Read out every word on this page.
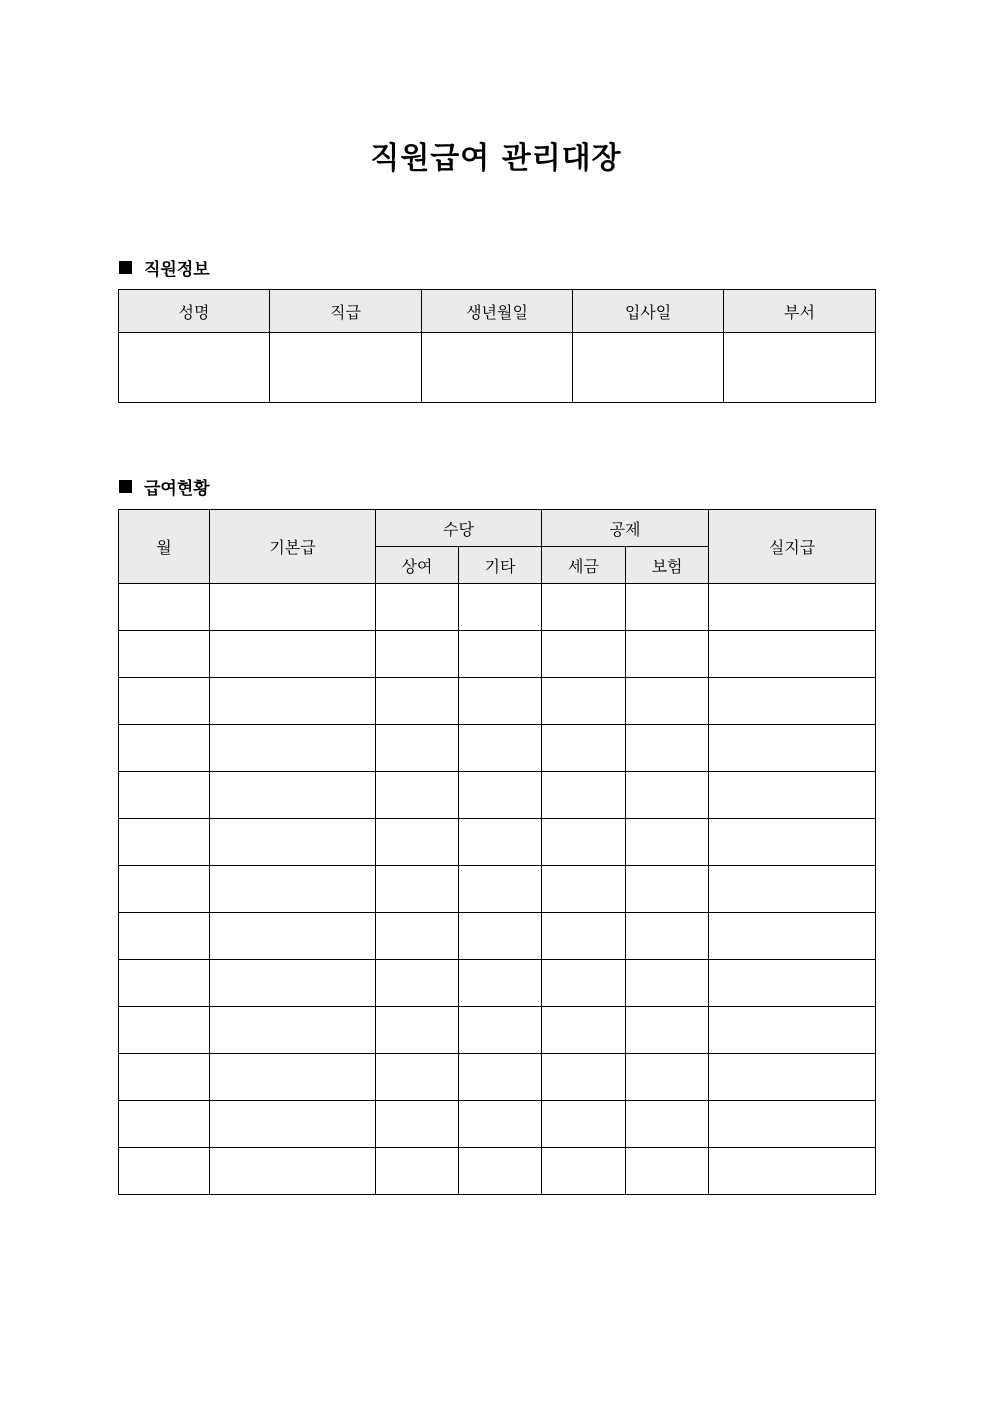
직원급여 관리대장
직원정보
성명	직급	생년월일	입사일	부서

급여현황
월	기본급	수당		공제		실지급
		상여	기타	세금	보험	
